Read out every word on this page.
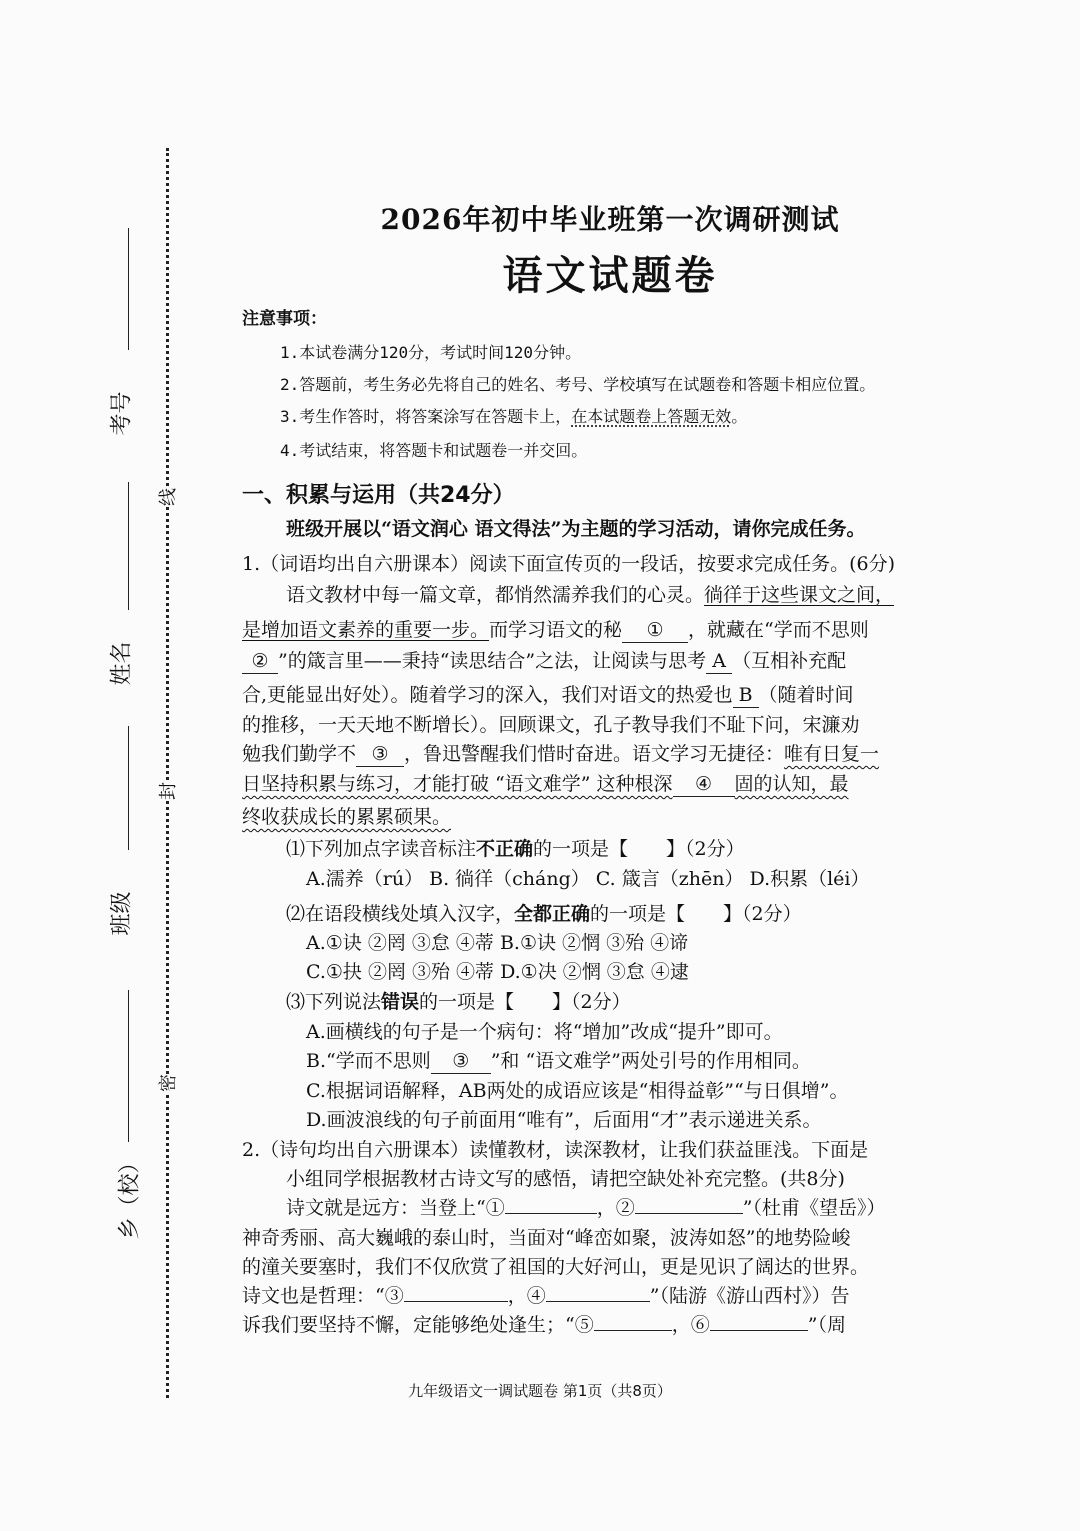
考号
姓名
班级
乡（校）
线
封
密
2026年初中毕业班第一次调研测试
语文试题卷
注意事项：
1.本试卷满分120分，考试时间120分钟。
2.答题前，考生务必先将自己的姓名、考号、学校填写在试题卷和答题卡相应位置。
3.考生作答时，将答案涂写在答题卡上，在本试题卷上答题无效。
4.考试结束，将答题卡和试题卷一并交回。
一、积累与运用（共24分）
班级开展以“语文润心 语文得法”为主题的学习活动，请你完成任务。
1.（词语均出自六册课本）阅读下面宣传页的一段话，按要求完成任务。(6分)
语文教材中每一篇文章，都悄然濡养我们的心灵。徜徉于这些课文之间，
是增加语文素养的重要一步。而学习语文的秘 ① ，就藏在“学而不思则
② ”的箴言里——秉持“读思结合”之法，让阅读与思考 A （互相补充配
合,更能显出好处）。随着学习的深入，我们对语文的热爱也 B （随着时间
的推移，一天天地不断增长）。回顾课文，孔子教导我们不耻下问，宋濂劝
勉我们勤学不 ③ ，鲁迅警醒我们惜时奋进。语文学习无捷径：唯有日复一
日坚持积累与练习，才能打破 “语文难学” 这种根深 ④ 固的认知，最
终收获成长的累累硕果。
⑴下列加点字读音标注不正确的一项是【 】（2分）
A.濡养（rú） B. 徜徉（cháng） C. 箴言（zhēn） D.积累（léi）
⑵在语段横线处填入汉字，全都正确的一项是【 】（2分）
A.①诀 ②罔 ③怠 ④蒂 B.①诀 ②惘 ③殆 ④谛
C.①抉 ②罔 ③殆 ④蒂 D.①决 ②惘 ③怠 ④逮
⑶下列说法错误的一项是【 】（2分）
A.画横线的句子是一个病句：将“增加”改成“提升”即可。
B.“学而不思则 ③ ”和 “语文难学”两处引号的作用相同。
C.根据词语解释，AB两处的成语应该是“相得益彰”“与日俱增”。
D.画波浪线的句子前面用“唯有”，后面用“才”表示递进关系。
2.（诗句均出自六册课本）读懂教材，读深教材，让我们获益匪浅。下面是
小组同学根据教材古诗文写的感悟，请把空缺处补充完整。(共8分)
诗文就是远方：当登上“①	，②	”（杜甫《望岳》）
神奇秀丽、高大巍峨的泰山时，当面对“峰峦如聚，波涛如怒”的地势险峻
的潼关要塞时，我们不仅欣赏了祖国的大好河山，更是见识了阔达的世界。
诗文也是哲理：“③	，④	”（陆游《游山西村》）告
诉我们要坚持不懈，定能够绝处逢生；“⑤	，⑥	”（周
九年级语文一调试题卷 第1页（共8页）
